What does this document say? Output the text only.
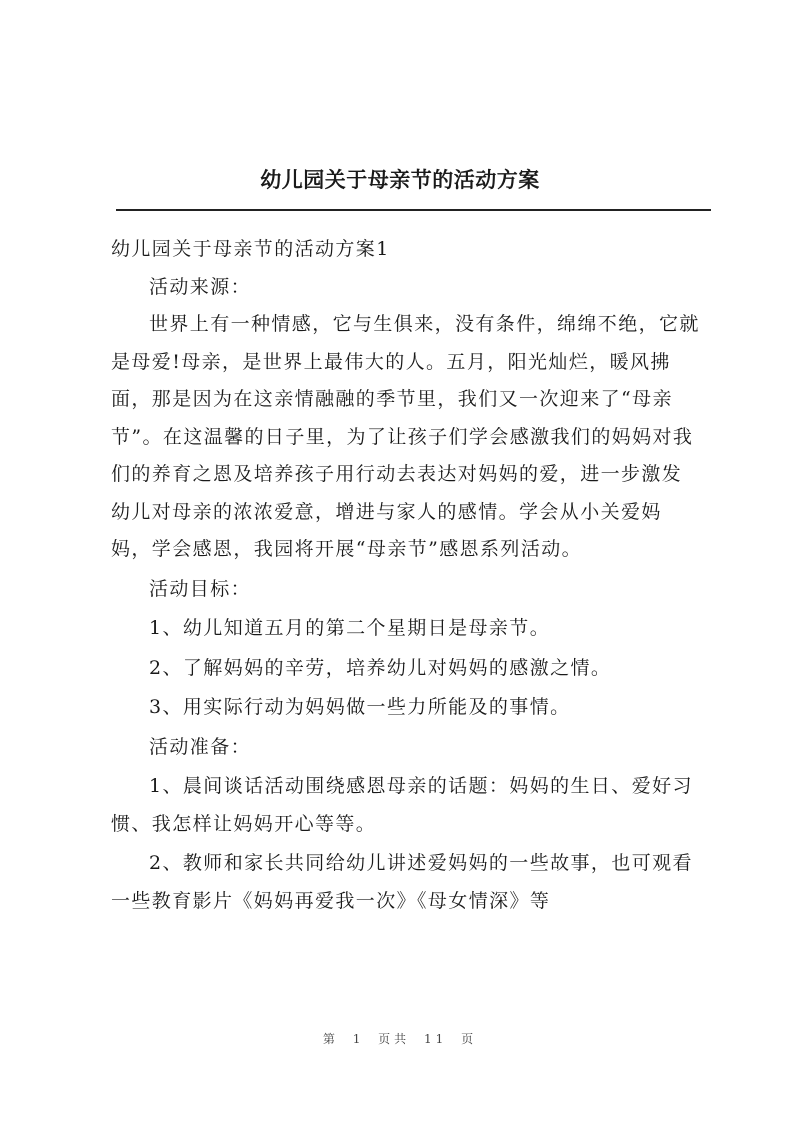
幼儿园关于母亲节的活动方案

幼儿园关于母亲节的活动方案1

活动来源：

世界上有一种情感，它与生俱来，没有条件，绵绵不绝，它就是母爱!母亲，是世界上最伟大的人。五月，阳光灿烂，暖风拂面，那是因为在这亲情融融的季节里，我们又一次迎来了“母亲节”。在这温馨的日子里，为了让孩子们学会感激我们的妈妈对我们的养育之恩及培养孩子用行动去表达对妈妈的爱，进一步激发幼儿对母亲的浓浓爱意，增进与家人的感情。学会从小关爱妈妈，学会感恩，我园将开展“母亲节”感恩系列活动。

活动目标：

1、幼儿知道五月的第二个星期日是母亲节。

2、了解妈妈的辛劳，培养幼儿对妈妈的感激之情。

3、用实际行动为妈妈做一些力所能及的事情。

活动准备：

1、晨间谈话活动围绕感恩母亲的话题：妈妈的生日、爱好习惯、我怎样让妈妈开心等等。

2、教师和家长共同给幼儿讲述爱妈妈的一些故事，也可观看一些教育影片《妈妈再爱我一次》《母女情深》等

第 1 页共 11 页
